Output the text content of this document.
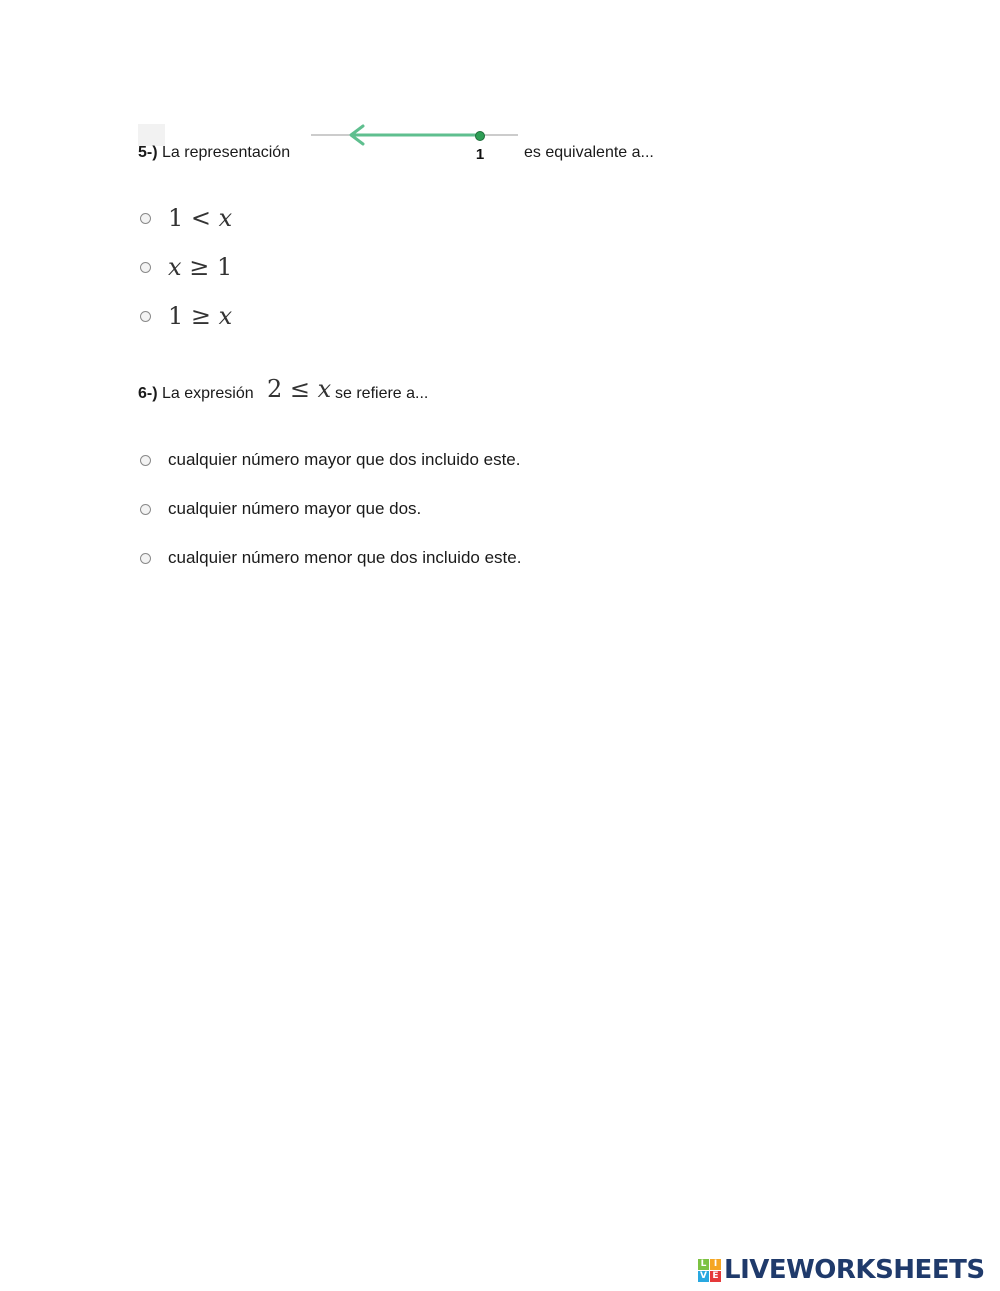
5-) La representación	1 es equivalente a...
1 < x
x ≥ 1
1 ≥ x
6-) La expresión 2 ≤ x se refiere a...
cualquier número mayor que dos incluido este.
cualquier número mayor que dos.
cualquier número menor que dos incluido este.
L I
V E LIVEWORKSHEETS
